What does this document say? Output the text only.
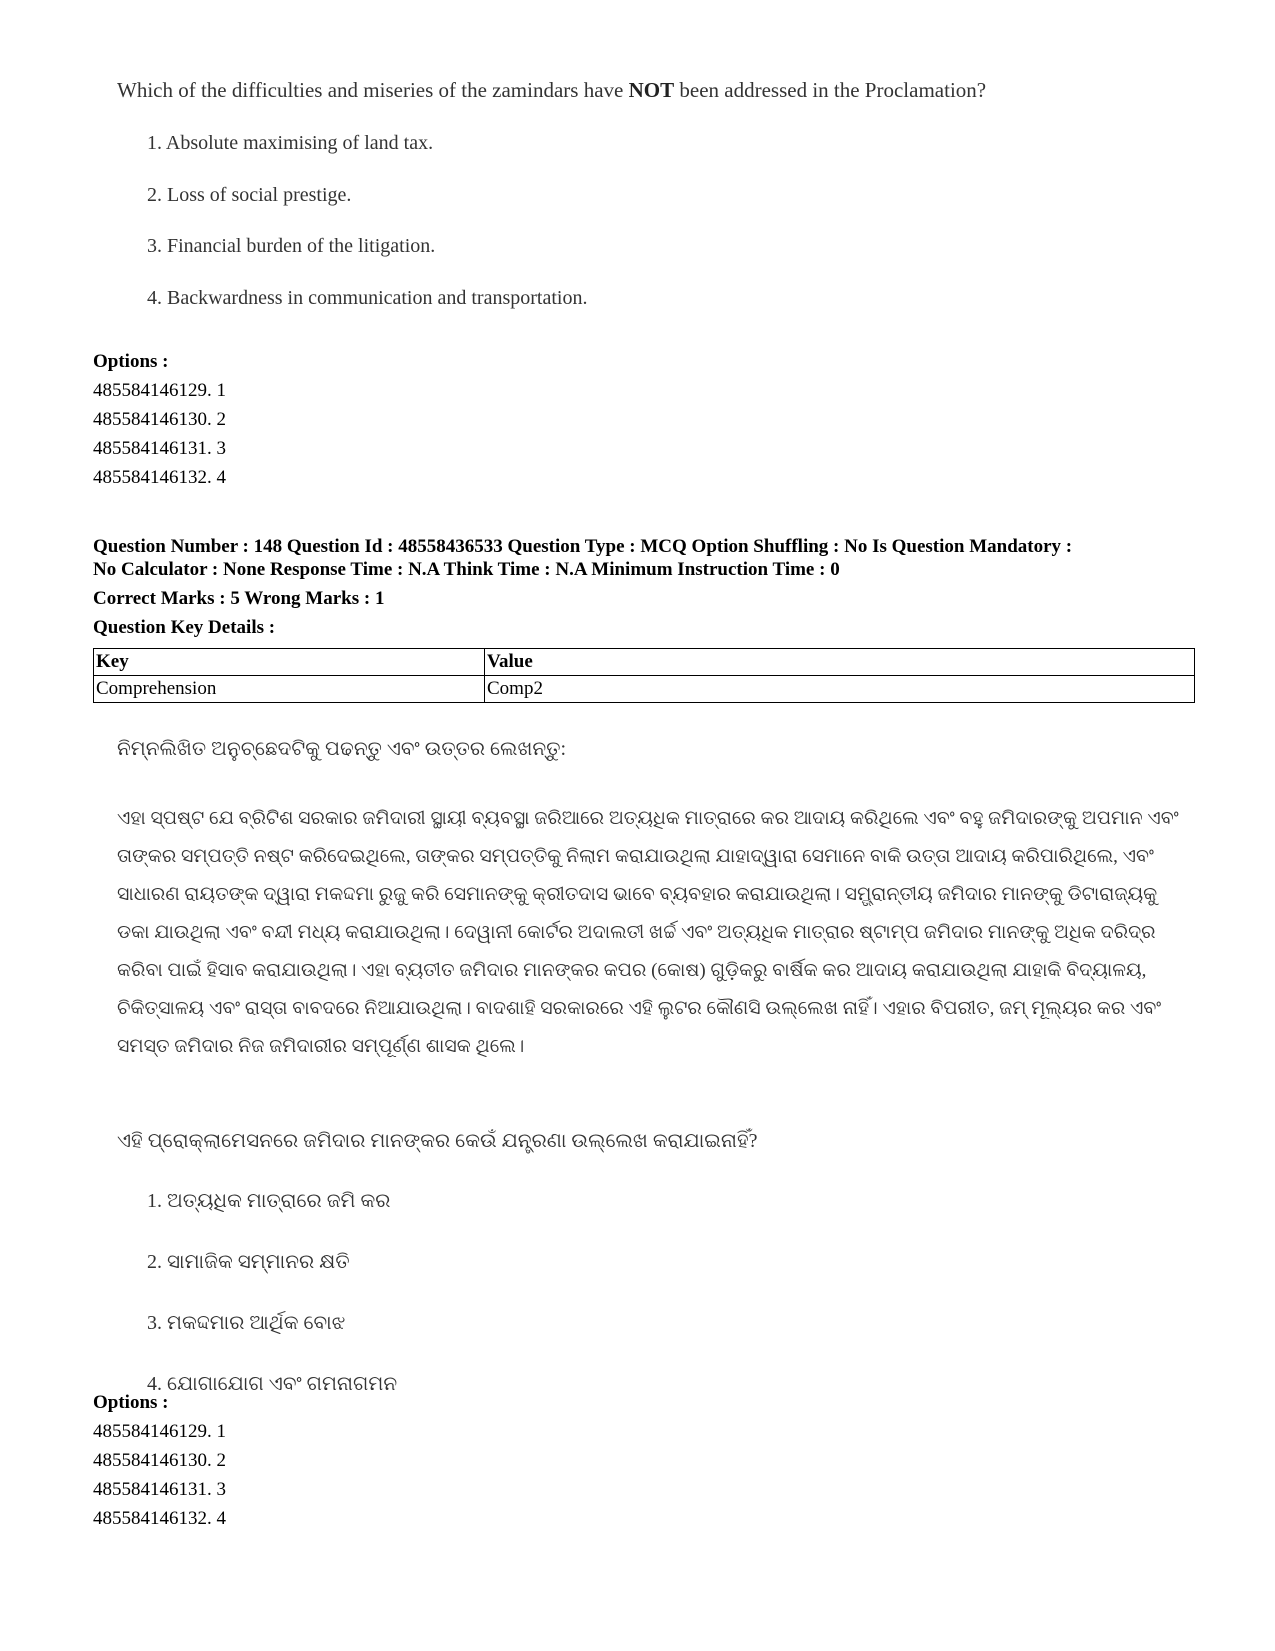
Which of the difficulties and miseries of the zamindars have NOT been addressed in the Proclamation?

1. Absolute maximising of land tax.

2. Loss of social prestige.

3. Financial burden of the litigation.

4. Backwardness in communication and transportation.

Options :
485584146129. 1
485584146130. 2
485584146131. 3
485584146132. 4

Question Number : 148 Question Id : 48558436533 Question Type : MCQ Option Shuffling : No Is Question Mandatory :

No Calculator : None Response Time : N.A Think Time : N.A Minimum Instruction Time : 0

Correct Marks : 5 Wrong Marks : 1
Question Key Details :
Key	Value
Comprehension	Comp2

ନିମ୍ନଲିଖିତ ଅନୁଚ୍ଛେଦଟିକୁ ପଢନ୍ତୁ ଏବଂ ଉତ୍ତର ଲେଖନ୍ତୁ:

ଏହା ସ୍ପଷ୍ଟ ଯେ ବ୍ରିଟିଶ ସରକାର ଜମିଦାରୀ ସ୍ଥାୟୀ ବ୍ୟବସ୍ଥା ଜରିଆରେ ଅତ୍ୟଧିକ ମାତ୍ରାରେ କର ଆଦାୟ କରିଥିଲେ ଏବଂ ବହୁ ଜମିଦାରଙ୍କୁ ଅପମାନ ଏବଂ ତାଙ୍କର ସମ୍ପତ୍ତି ନଷ୍ଟ କରିଦେଇଥିଲେ, ତାଙ୍କର ସମ୍ପତ୍ତିକୁ ନିଲାମ କରାଯାଉଥିଲା ଯାହାଦ୍ୱାରା ସେମାନେ ବାକି ଉତ୍ତା ଆଦାୟ କରିପାରିଥିଲେ, ଏବଂ ସାଧାରଣ ରାୟତଙ୍କ ଦ୍ୱାରା ମକଦ୍ଦମା ରୁଜୁ କରି ସେମାନଙ୍କୁ କ୍ରୀତଦାସ ଭାବେ ବ୍ୟବହାର କରାଯାଉଥିଲା। ସମ୍ଭ୍ରାନ୍ତୀୟ ଜମିଦାର ମାନଙ୍କୁ ଡିଟାରାଜ୍ୟକୁ ଡକା ଯାଉଥିଲା ଏବଂ ବନ୍ଦୀ ମଧ୍ୟ କରାଯାଉଥିଲା। ଦେୱାନୀ କୋର୍ଟର ଅଦାଲତୀ ଖର୍ଚ୍ଚ ଏବଂ ଅତ୍ୟଧିକ ମାତ୍ରାର ଷ୍ଟାମ୍ପ ଜମିଦାର ମାନଙ୍କୁ ଅଧିକ ଦରିଦ୍ର କରିବା ପାଇଁ ହିସାବ କରାଯାଉଥିଲା। ଏହା ବ୍ୟତୀତ ଜମିଦାର ମାନଙ୍କର କପର (କୋଷ) ଗୁଡ଼ିକରୁ ବାର୍ଷିକ କର ଆଦାୟ କରାଯାଉଥିଲା ଯାହାକି ବିଦ୍ୟାଳୟ, ଚିକିତ୍ସାଳୟ ଏବଂ ରାସ୍ତା ବାବଦରେ ନିଆଯାଉଥିଲା। ବାଦଶାହି ସରକାରରେ ଏହି ଲୁଟର କୌଣସି ଉଲ୍ଲେଖ ନାହିଁ। ଏହାର ବିପରୀତ, ଜମ୍ ମୂଲ୍ୟର କର ଏବଂ ସମସ୍ତ ଜମିଦାର ନିଜ ଜମିଦାରୀର ସମ୍ପୂର୍ଣ୍ଣ ଶାସକ ଥିଲେ।

ଏହି ପ୍ରୋକ୍ଲାମେସନରେ ଜମିଦାର ମାନଙ୍କର କେଉଁ ଯନ୍ତ୍ରଣା ଉଲ୍ଲେଖ କରାଯାଇନାହିଁ?

1. ଅତ୍ୟଧିକ ମାତ୍ରାରେ ଜମି କର

2. ସାମାଜିକ ସମ୍ମାନର କ୍ଷତି

3. ମକଦ୍ଦମାର ଆର୍ଥିକ ବୋଝ

4. ଯୋଗାଯୋଗ ଏବଂ ଗମନାଗମନ

Options :
485584146129. 1
485584146130. 2
485584146131. 3
485584146132. 4
